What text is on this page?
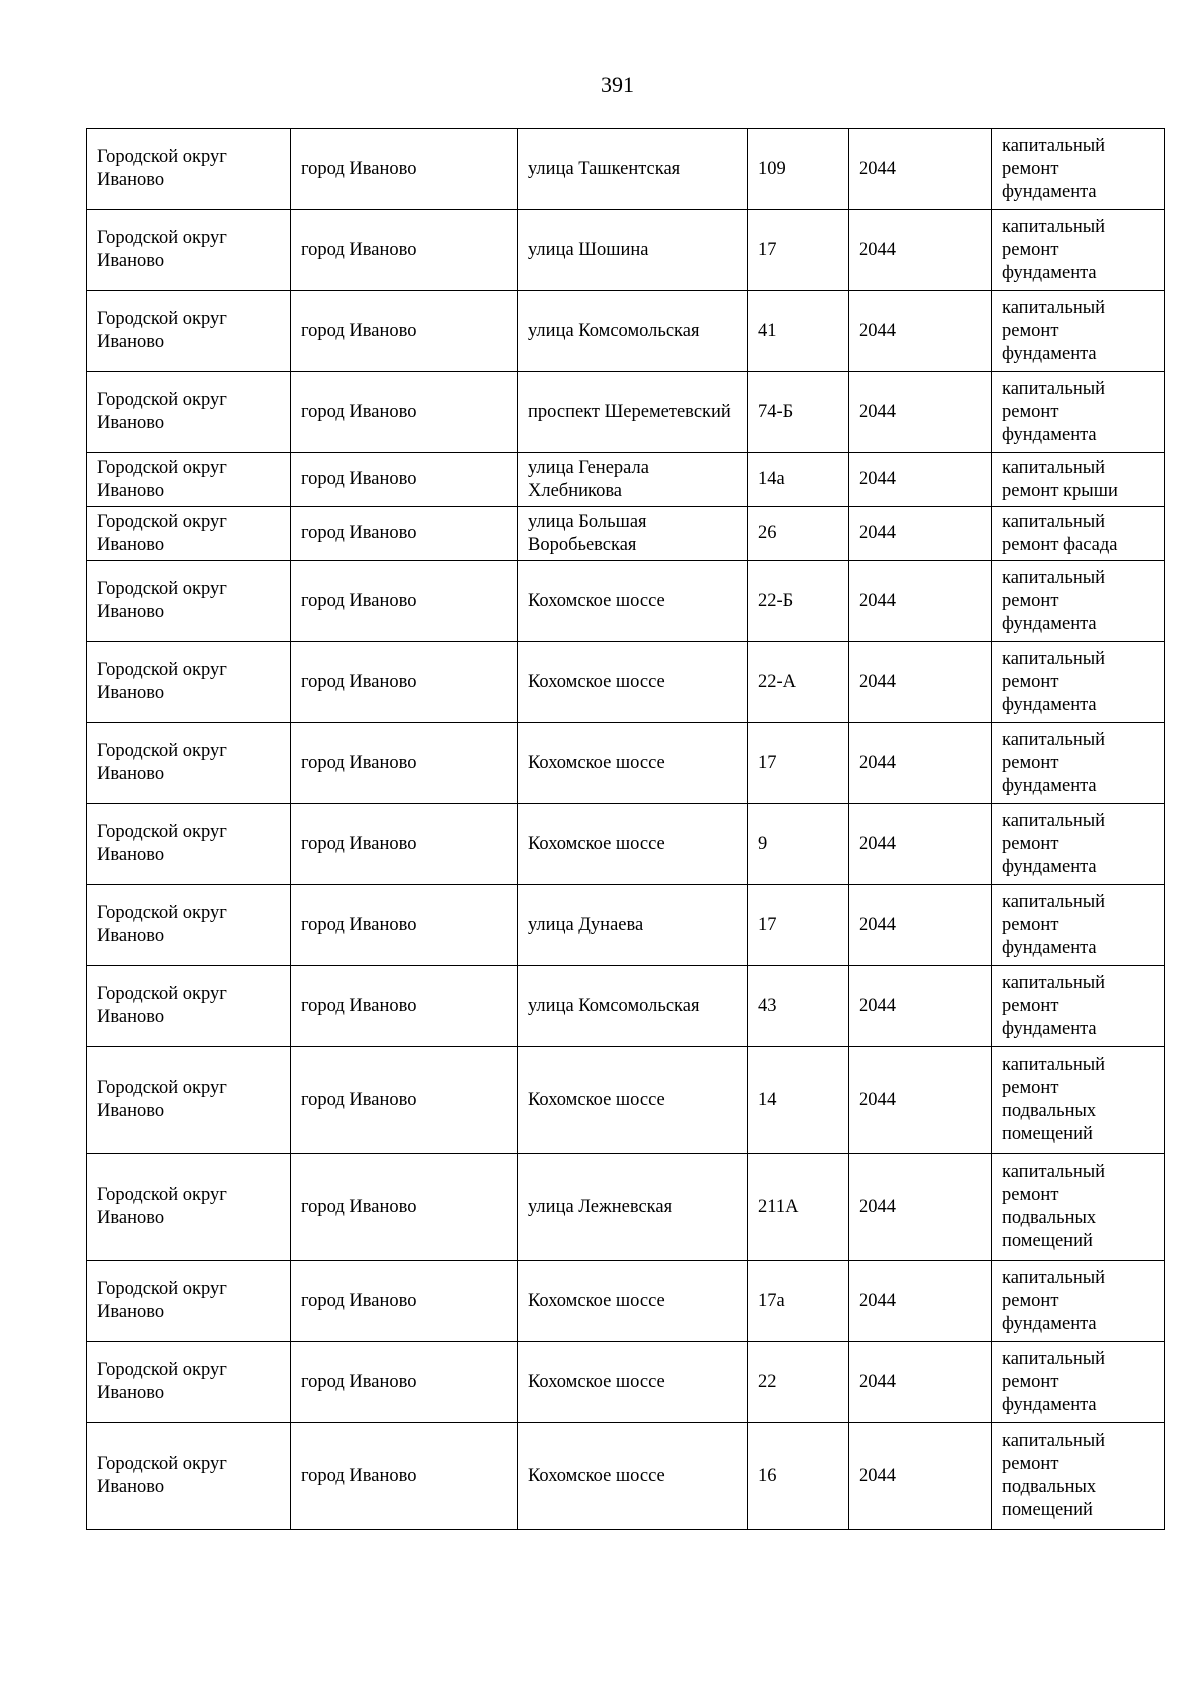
391
Городской округ Иваново	город Иваново	улица Ташкентская	109	2044	капитальный ремонт фундамента
Городской округ Иваново	город Иваново	улица Шошина	17	2044	капитальный ремонт фундамента
Городской округ Иваново	город Иваново	улица Комсомольская	41	2044	капитальный ремонт фундамента
Городской округ Иваново	город Иваново	проспект Шереметевский	74-Б	2044	капитальный ремонт фундамента
Городской округ Иваново	город Иваново	улица Генерала Хлебникова	14а	2044	капитальный ремонт крыши
Городской округ Иваново	город Иваново	улица Большая Воробьевская	26	2044	капитальный ремонт фасада
Городской округ Иваново	город Иваново	Кохомское шоссе	22-Б	2044	капитальный ремонт фундамента
Городской округ Иваново	город Иваново	Кохомское шоссе	22-А	2044	капитальный ремонт фундамента
Городской округ Иваново	город Иваново	Кохомское шоссе	17	2044	капитальный ремонт фундамента
Городской округ Иваново	город Иваново	Кохомское шоссе	9	2044	капитальный ремонт фундамента
Городской округ Иваново	город Иваново	улица Дунаева	17	2044	капитальный ремонт фундамента
Городской округ Иваново	город Иваново	улица Комсомольская	43	2044	капитальный ремонт фундамента
Городской округ Иваново	город Иваново	Кохомское шоссе	14	2044	капитальный ремонт подвальных помещений
Городской округ Иваново	город Иваново	улица Лежневская	211А	2044	капитальный ремонт подвальных помещений
Городской округ Иваново	город Иваново	Кохомское шоссе	17а	2044	капитальный ремонт фундамента
Городской округ Иваново	город Иваново	Кохомское шоссе	22	2044	капитальный ремонт фундамента
Городской округ Иваново	город Иваново	Кохомское шоссе	16	2044	капитальный ремонт подвальных помещений
